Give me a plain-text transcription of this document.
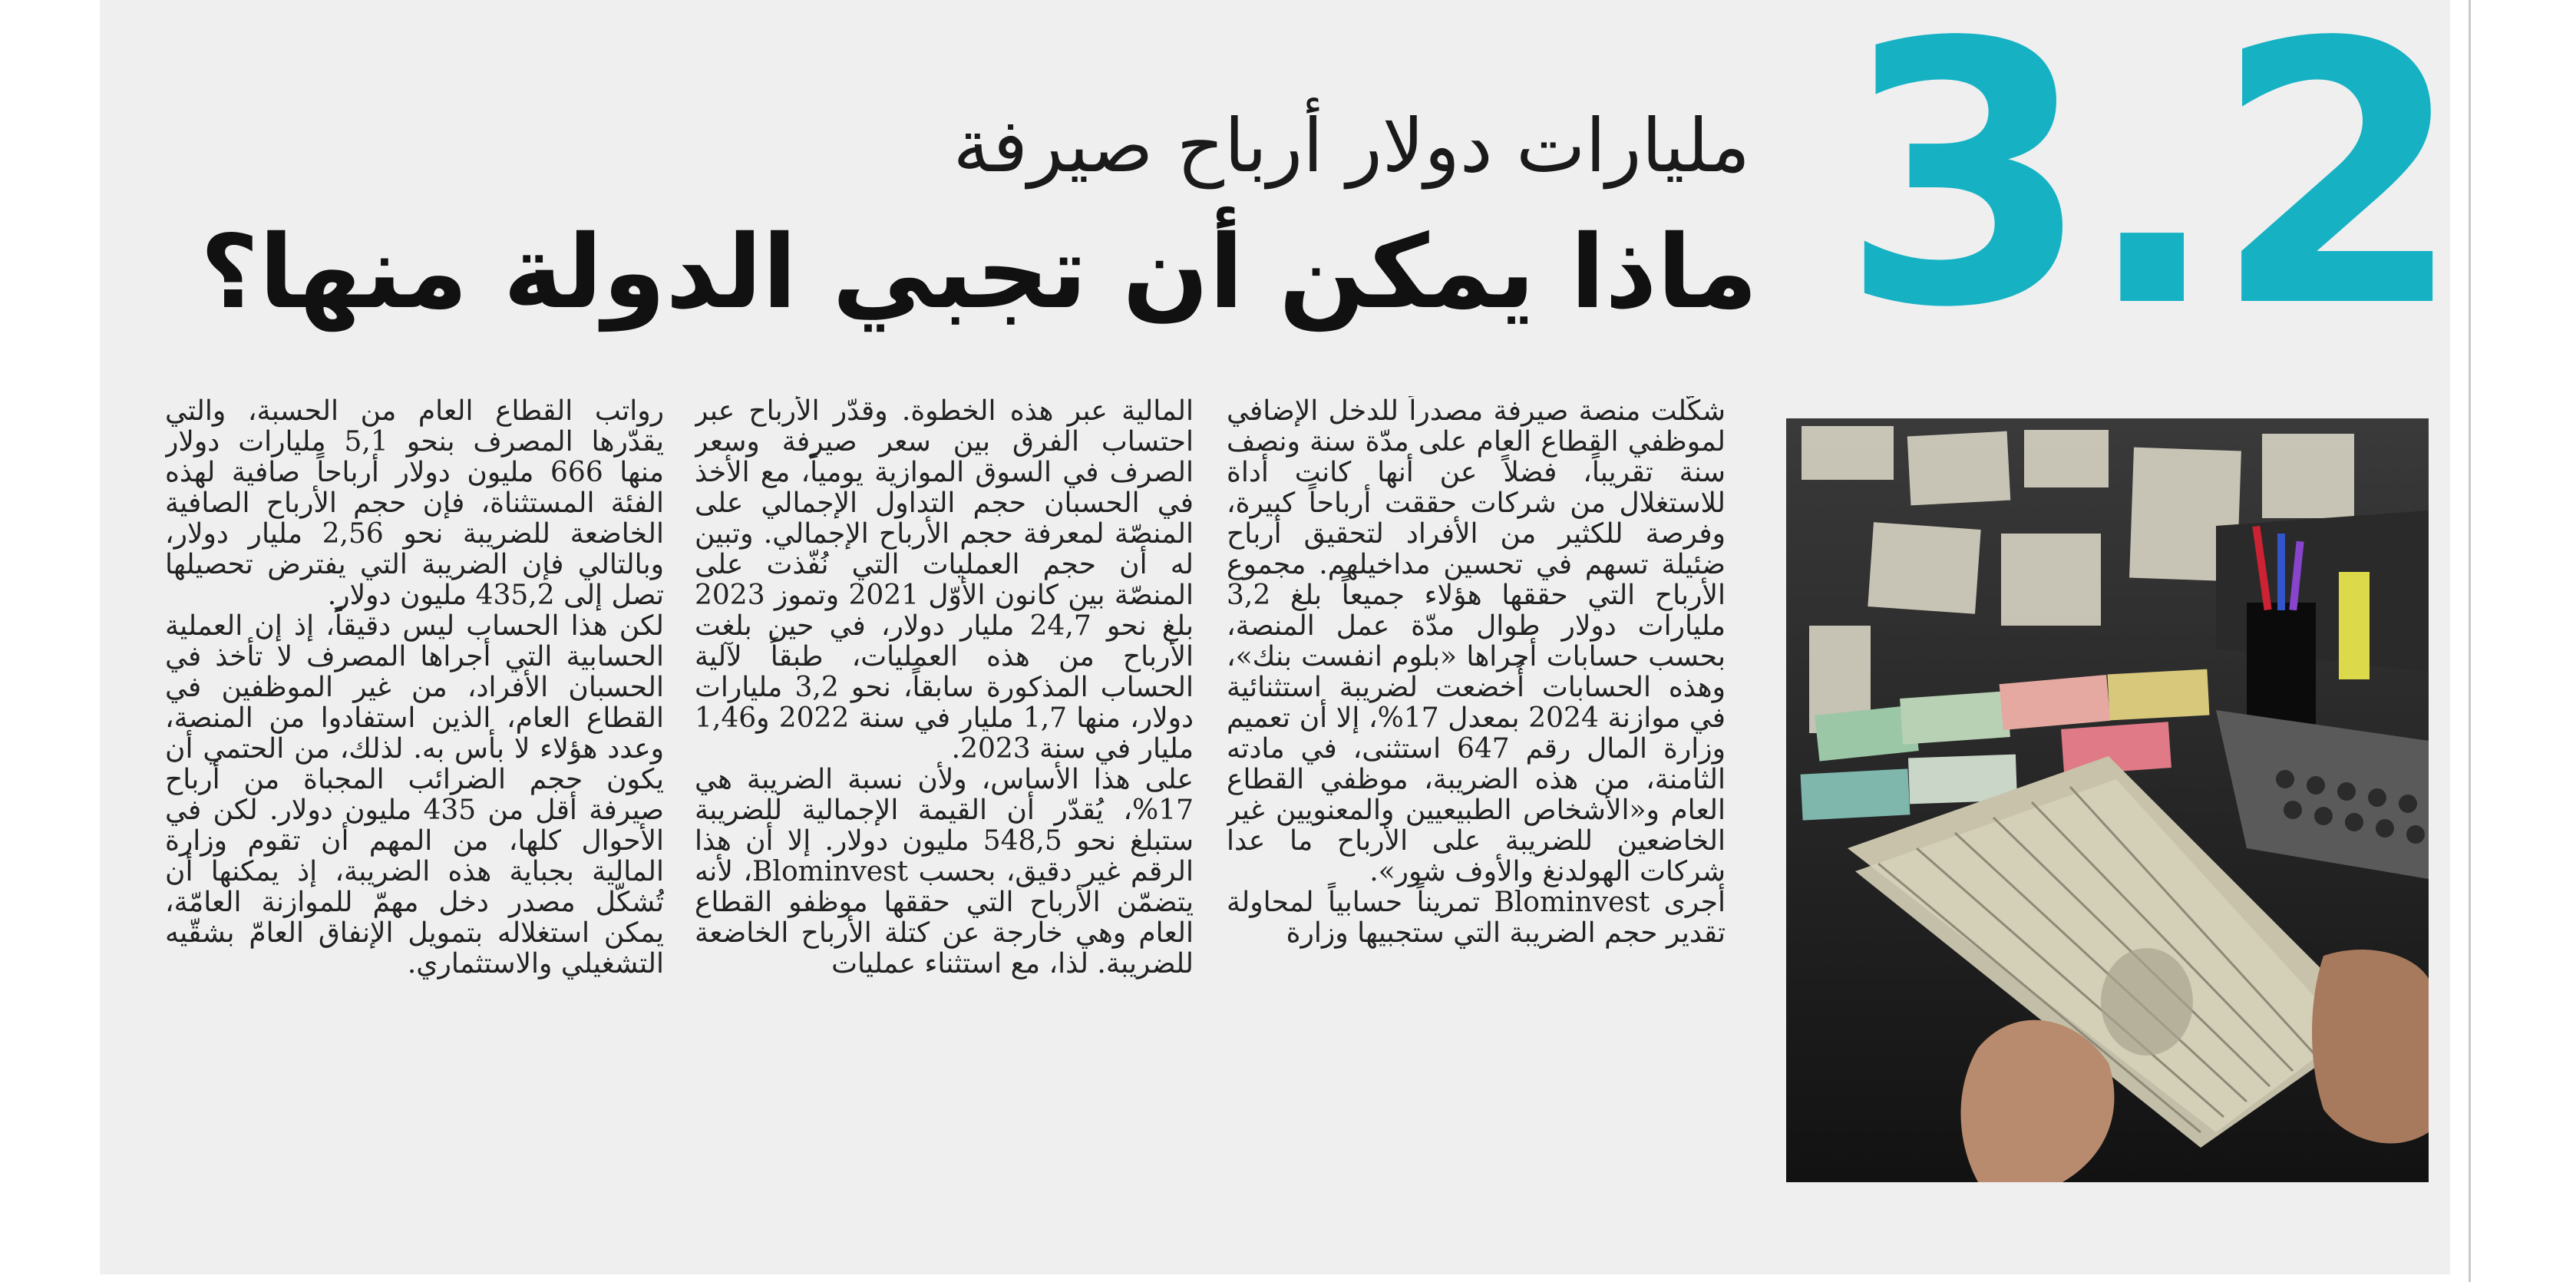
3.2
مليارات دولار أرباح صيرفة
ماذا يمكن أن تجبي الدولة منها؟

شكّلت منصة صيرفة مصدراً للدخل الإضافي لموظفي القطاع العام على مدّة سنة ونصف سنة تقريباً، فضلاً عن أنها كانت أداة للاستغلال من شركات حققت أرباحاً كبيرة، وفرصة للكثير من الأفراد لتحقيق أرباح ضئيلة تسهم في تحسين مداخيلهم. مجموع الأرباح التي حققها هؤلاء جميعاً بلغ 3,2 مليارات دولار طوال مدّة عمل المنصة، بحسب حسابات أجراها «بلوم انفست بنك»، وهذه الحسابات أُخضعت لضريبة استثنائية في موازنة 2024 بمعدل 17%، إلا أن تعميم وزارة المال رقم 647 استثنى، في مادته الثامنة، من هذه الضريبة، موظفي القطاع العام و«الأشخاص الطبيعيين والمعنويين غير الخاضعين للضريبة على الأرباح ما عدا شركات الهولدنغ والأوف شور».

أجرى Blominvest تمريناً حسابياً لمحاولة تقدير حجم الضريبة التي ستجبيها وزارة

المالية عبر هذه الخطوة. وقدّر الأرباح عبر احتساب الفرق بين سعر صيرفة وسعر الصرف في السوق الموازية يومياً، مع الأخذ في الحسبان حجم التداول الإجمالي على المنصّة لمعرفة حجم الأرباح الإجمالي. وتبين له أن حجم العمليات التي نُفّذت على المنصّة بين كانون الأوّل 2021 وتموز 2023 بلغ نحو 24,7 مليار دولار، في حين بلغت الأرباح من هذه العمليات، طبقاً لآلية الحساب المذكورة سابقاً، نحو 3,2 مليارات دولار، منها 1,7 مليار في سنة 2022 و1,46 مليار في سنة 2023.

على هذا الأساس، ولأن نسبة الضريبة هي 17%، يُقدّر أن القيمة الإجمالية للضريبة ستبلغ نحو 548,5 مليون دولار. إلا أن هذا الرقم غير دقيق، بحسب Blominvest، لأنه يتضمّن الأرباح التي حققها موظفو القطاع العام وهي خارجة عن كتلة الأرباح الخاضعة للضريبة. لذا، مع استثناء عمليات

رواتب القطاع العام من الحسبة، والتي يقدّرها المصرف بنحو 5,1 مليارات دولار منها 666 مليون دولار أرباحاً صافية لهذه الفئة المستثناة، فإن حجم الأرباح الصافية الخاضعة للضريبة نحو 2,56 مليار دولار، وبالتالي فإن الضريبة التي يفترض تحصيلها تصل إلى 435,2 مليون دولار.

لكن هذا الحساب ليس دقيقاً، إذ إن العملية الحسابية التي أجراها المصرف لا تأخذ في الحسبان الأفراد، من غير الموظفين في القطاع العام، الذين استفادوا من المنصة، وعدد هؤلاء لا بأس به. لذلك، من الحتمي أن يكون حجم الضرائب المجباة من أرباح صيرفة أقل من 435 مليون دولار. لكن في الأحوال كلها، من المهم أن تقوم وزارة المالية بجباية هذه الضريبة، إذ يمكنها أن تُشكّل مصدر دخل مهمّ للموازنة العامّة، يمكن استغلاله بتمويل الإنفاق العامّ بشقّيه التشغيلي والاستثماري.
